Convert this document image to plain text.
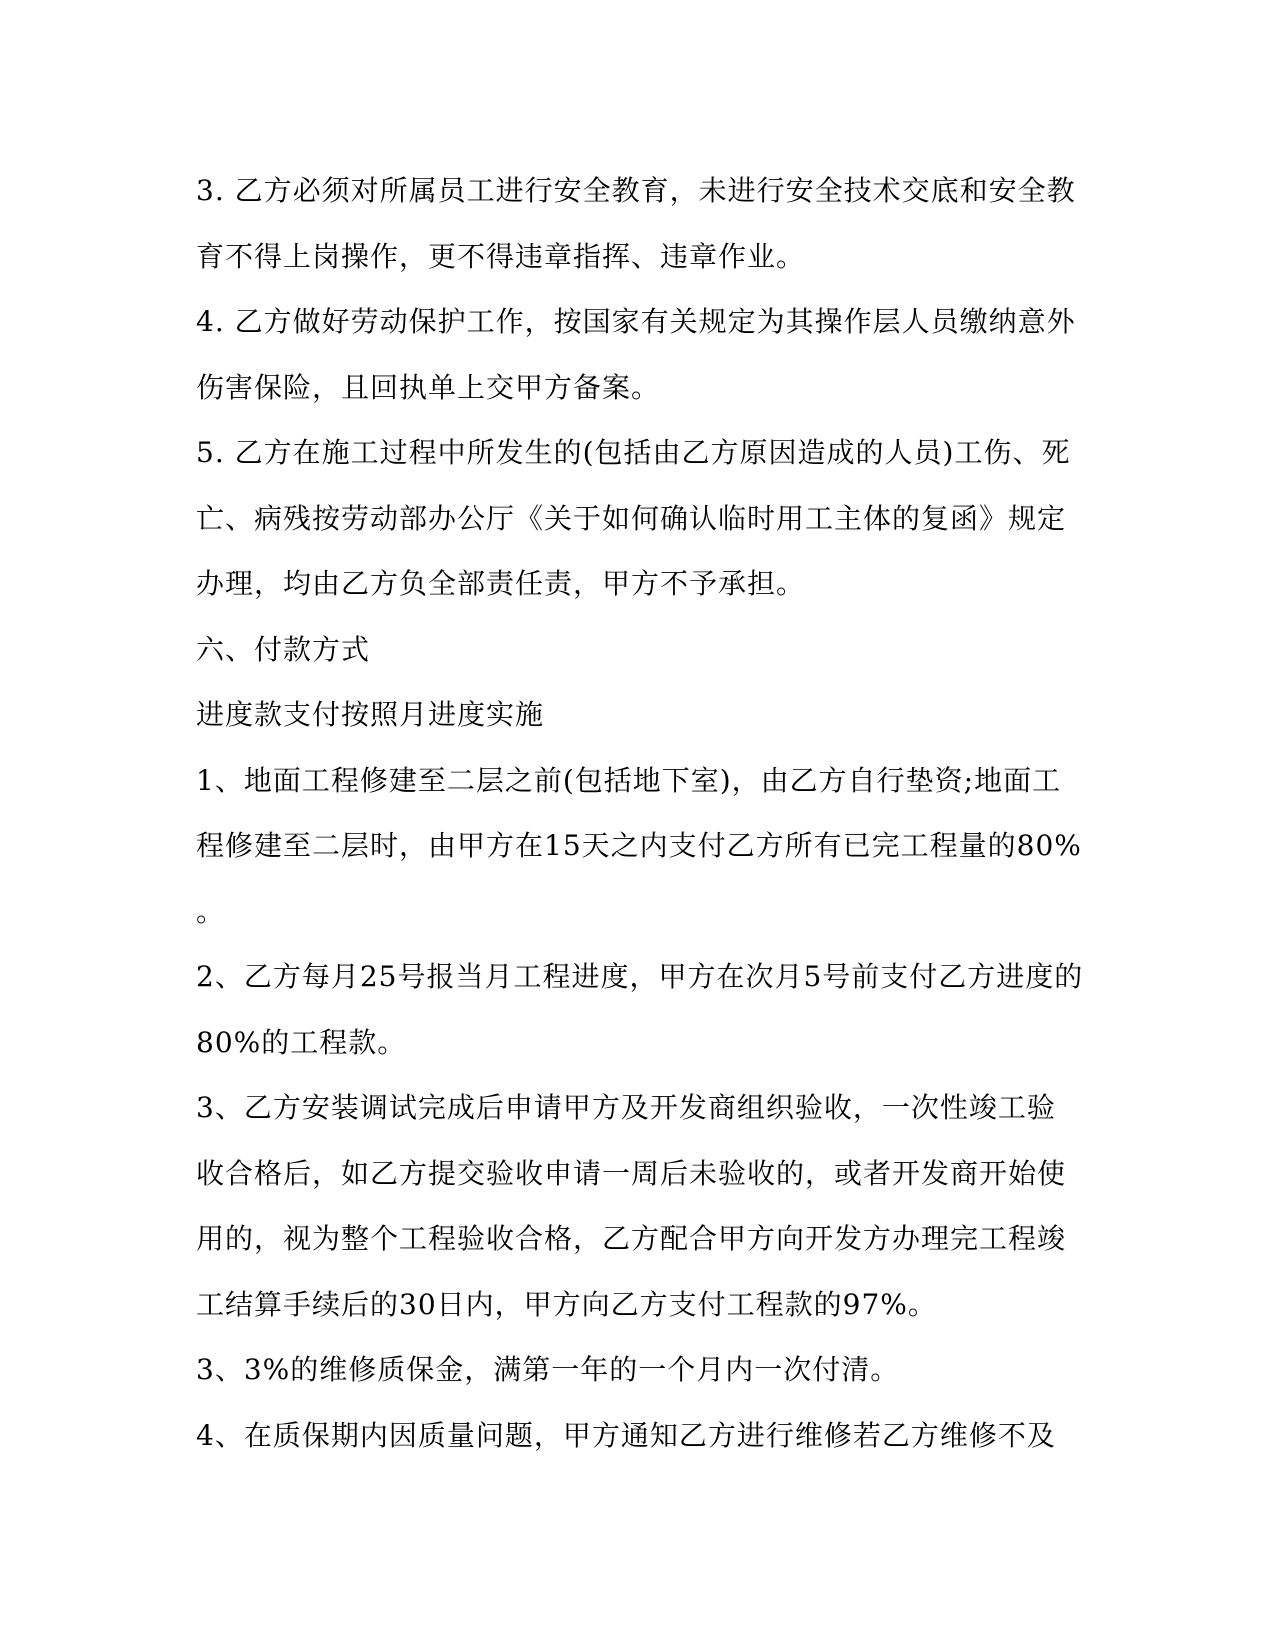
3. 乙方必须对所属员工进行安全教育，未进行安全技术交底和安全教
育不得上岗操作，更不得违章指挥、违章作业。
4. 乙方做好劳动保护工作，按国家有关规定为其操作层人员缴纳意外
伤害保险，且回执单上交甲方备案。
5. 乙方在施工过程中所发生的(包括由乙方原因造成的人员)工伤、死
亡、病残按劳动部办公厅《关于如何确认临时用工主体的复函》规定
办理，均由乙方负全部责任责，甲方不予承担。
六、付款方式
进度款支付按照月进度实施
1、地面工程修建至二层之前(包括地下室)，由乙方自行垫资;地面工
程修建至二层时，由甲方在15天之内支付乙方所有已完工程量的80%
。
2、乙方每月25号报当月工程进度，甲方在次月5号前支付乙方进度的
80%的工程款。
3、乙方安装调试完成后申请甲方及开发商组织验收，一次性竣工验
收合格后，如乙方提交验收申请一周后未验收的，或者开发商开始使
用的，视为整个工程验收合格，乙方配合甲方向开发方办理完工程竣
工结算手续后的30日内，甲方向乙方支付工程款的97%。
3、3%的维修质保金，满第一年的一个月内一次付清。
4、在质保期内因质量问题，甲方通知乙方进行维修若乙方维修不及
